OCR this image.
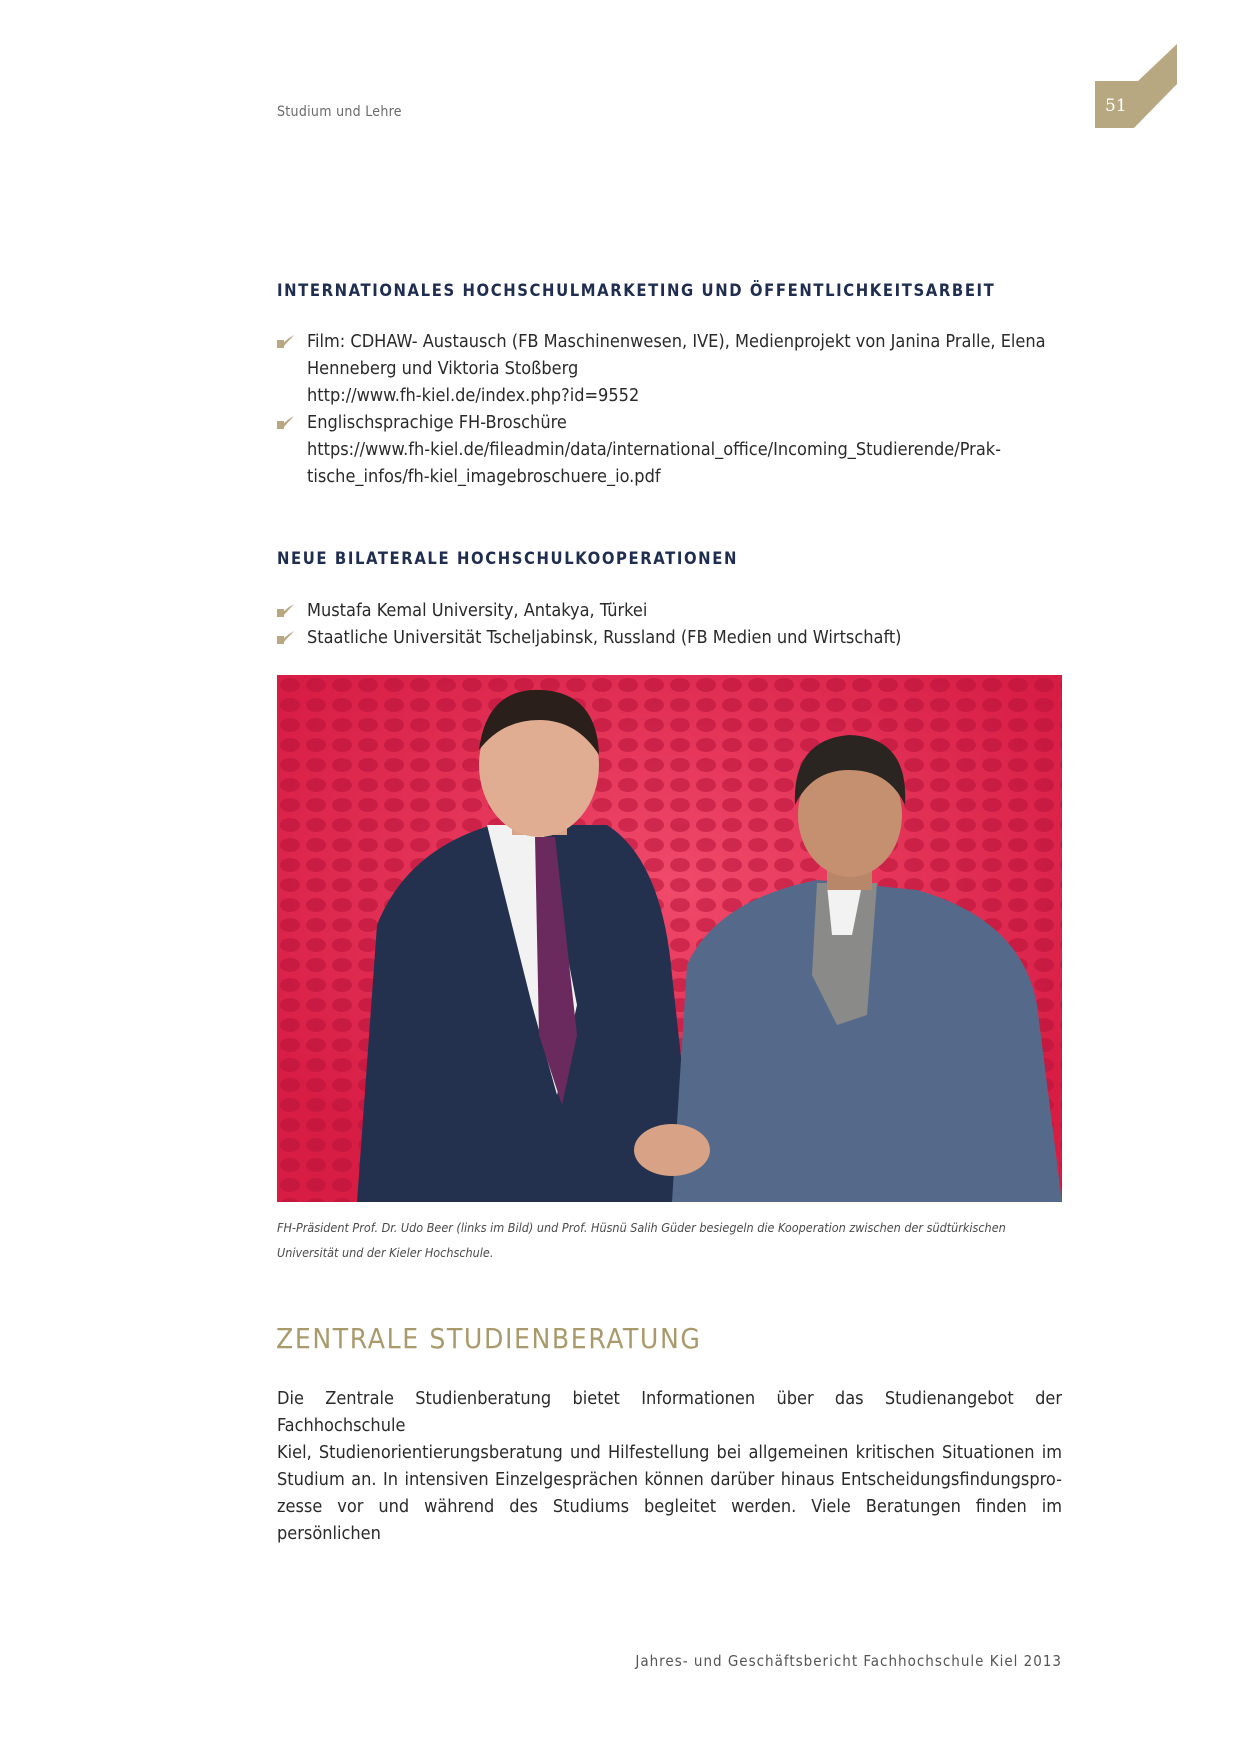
Studium und Lehre	51
INTERNATIONALES HOCHSCHULMARKETING UND ÖFFENTLICHKEITSARBEIT
Film: CDHAW- Austausch (FB Maschinenwesen, IVE), Medienprojekt von Janina Pralle, Elena
Henneberg und Viktoria Stoßberg
http://www.fh-kiel.de/index.php?id=9552
Englischsprachige FH-Broschüre
https://www.fh-kiel.de/fileadmin/data/international_office/Incoming_Studierende/Prak-
tische_infos/fh-kiel_imagebroschuere_io.pdf
NEUE BILATERALE HOCHSCHULKOOPERATIONEN
Mustafa Kemal University, Antakya, Türkei
Staatliche Universität Tscheljabinsk, Russland (FB Medien und Wirtschaft)
FH-Präsident Prof. Dr. Udo Beer (links im Bild) und Prof. Hüsnü Salih Güder besiegeln die Kooperation zwischen der südtürkischen
Universität und der Kieler Hochschule.
ZENTRALE STUDIENBERATUNG
Die Zentrale Studienberatung bietet Informationen über das Studienangebot der Fachhochschule
Kiel, Studienorientierungsberatung und Hilfestellung bei allgemeinen kritischen Situationen im
Studium an. In intensiven Einzelgesprächen können darüber hinaus Entscheidungsfindungspro-
zesse vor und während des Studiums begleitet werden. Viele Beratungen finden im persönlichen
Jahres- und Geschäftsbericht Fachhochschule Kiel 2013
